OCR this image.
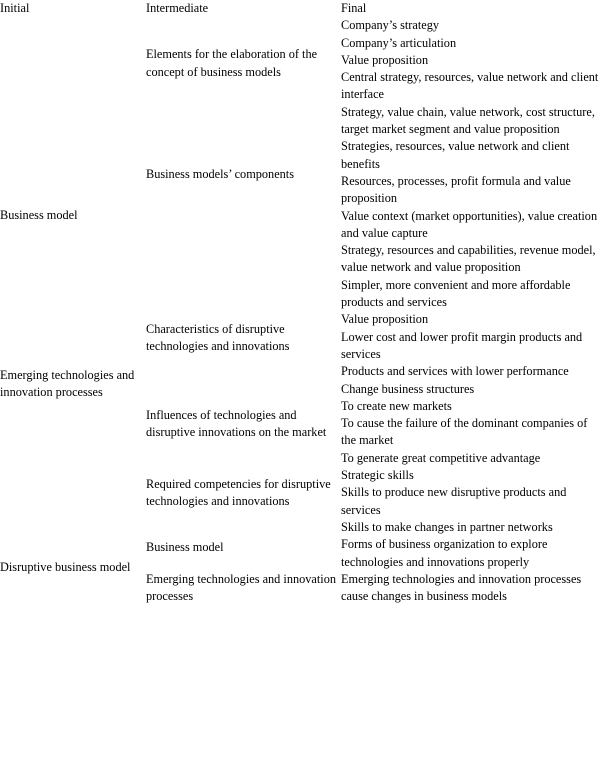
Initial	Intermediate	Final

Business model	Elements for the elaboration of the concept of business models	Company’s strategy

		Company’s articulation

		Value proposition

		Central strategy, resources, value network and client interface

		Strategy, value chain, value network, cost structure, target market segment and value proposition

	Business models’ components	Strategies, resources, value network and client benefits

		Resources, processes, profit formula and value proposition

		Value context (market opportunities), value creation and value capture

		Strategy, resources and capabilities, revenue model, value network and value proposition

Emerging technologies and innovation processes	Characteristics of disruptive technologies and innovations	Simpler, more convenient and more affordable products and services

		Value proposition

		Lower cost and lower profit margin products and services

		Products and services with lower performance

	Influences of technologies and disruptive innovations on the market	Change business structures

		To create new markets

		To cause the failure of the dominant companies of the market

		To generate great competitive advantage

	Required competencies for disruptive technologies and innovations	Strategic skills

		Skills to produce new disruptive products and services

		Skills to make changes in partner networks

Disruptive business model	Business model	Forms of business organization to explore technologies and innovations properly

	Emerging technologies and innovation processes	Emerging technologies and innovation processes cause changes in business models
